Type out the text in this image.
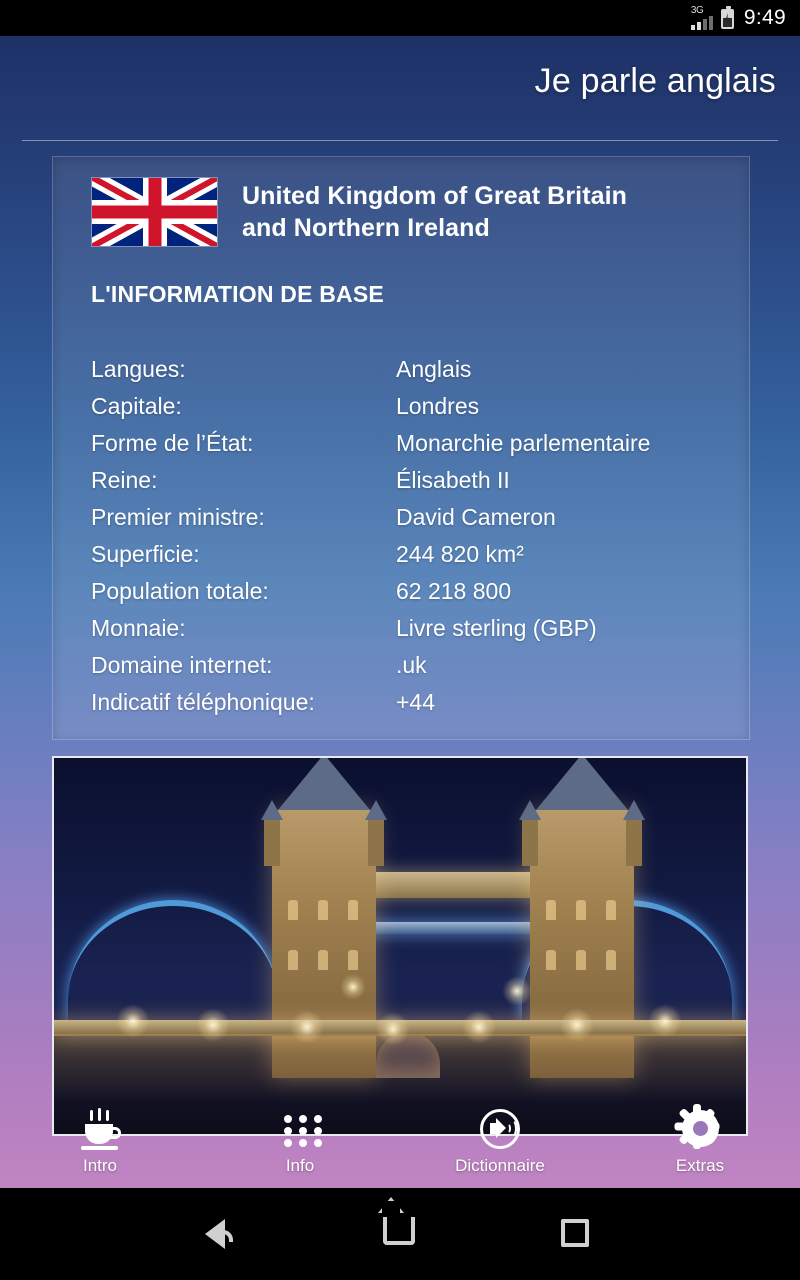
3G 9:49
Je parle anglais
United Kingdom of Great Britain
and Northern Ireland
L'INFORMATION DE BASE
Langues:	Anglais
Capitale:	Londres
Forme de l’État:	Monarchie parlementaire
Reine:	Élisabeth II
Premier ministre:	David Cameron
Superficie:	244 820 km²
Population totale:	62 218 800
Monnaie:	Livre sterling (GBP)
Domaine internet:	.uk
Indicatif téléphonique:	+44
Intro	Info	Dictionnaire	Extras
